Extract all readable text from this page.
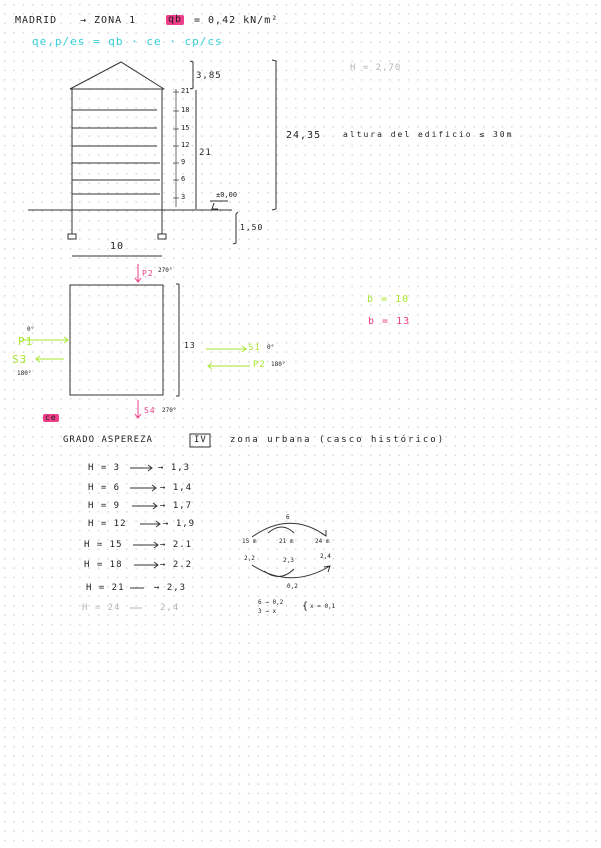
MADRID → ZONA 1	qb = 0,42 kN/m²
qe,p/es = qb · ce · cp/cs
3,85
21
18
15
12
9
6
3
21
24,35	altura del edificio ≤ 30m
±0,00
1,50
10
H = 2,70
P2 270°
0°
P1
S3
180°
13	S1 0°
P2 180°
S4 270°
b = 10
b = 13
ce
GRADO ASPEREZA	IV	zona urbana (casco histórico)
H = 3	→ 1,3
H = 6	→ 1,4
H = 9	→ 1,7
H = 12	→ 1,9
H = 15	→ 2.1
H = 18	→ 2.2
H = 21	→ 2,3
H = 24	2,4
6
15 m	21 m	24 m
2,2	2,3
2,4
0,2
6 → 0,2
3 → x	{ x = 0,1
